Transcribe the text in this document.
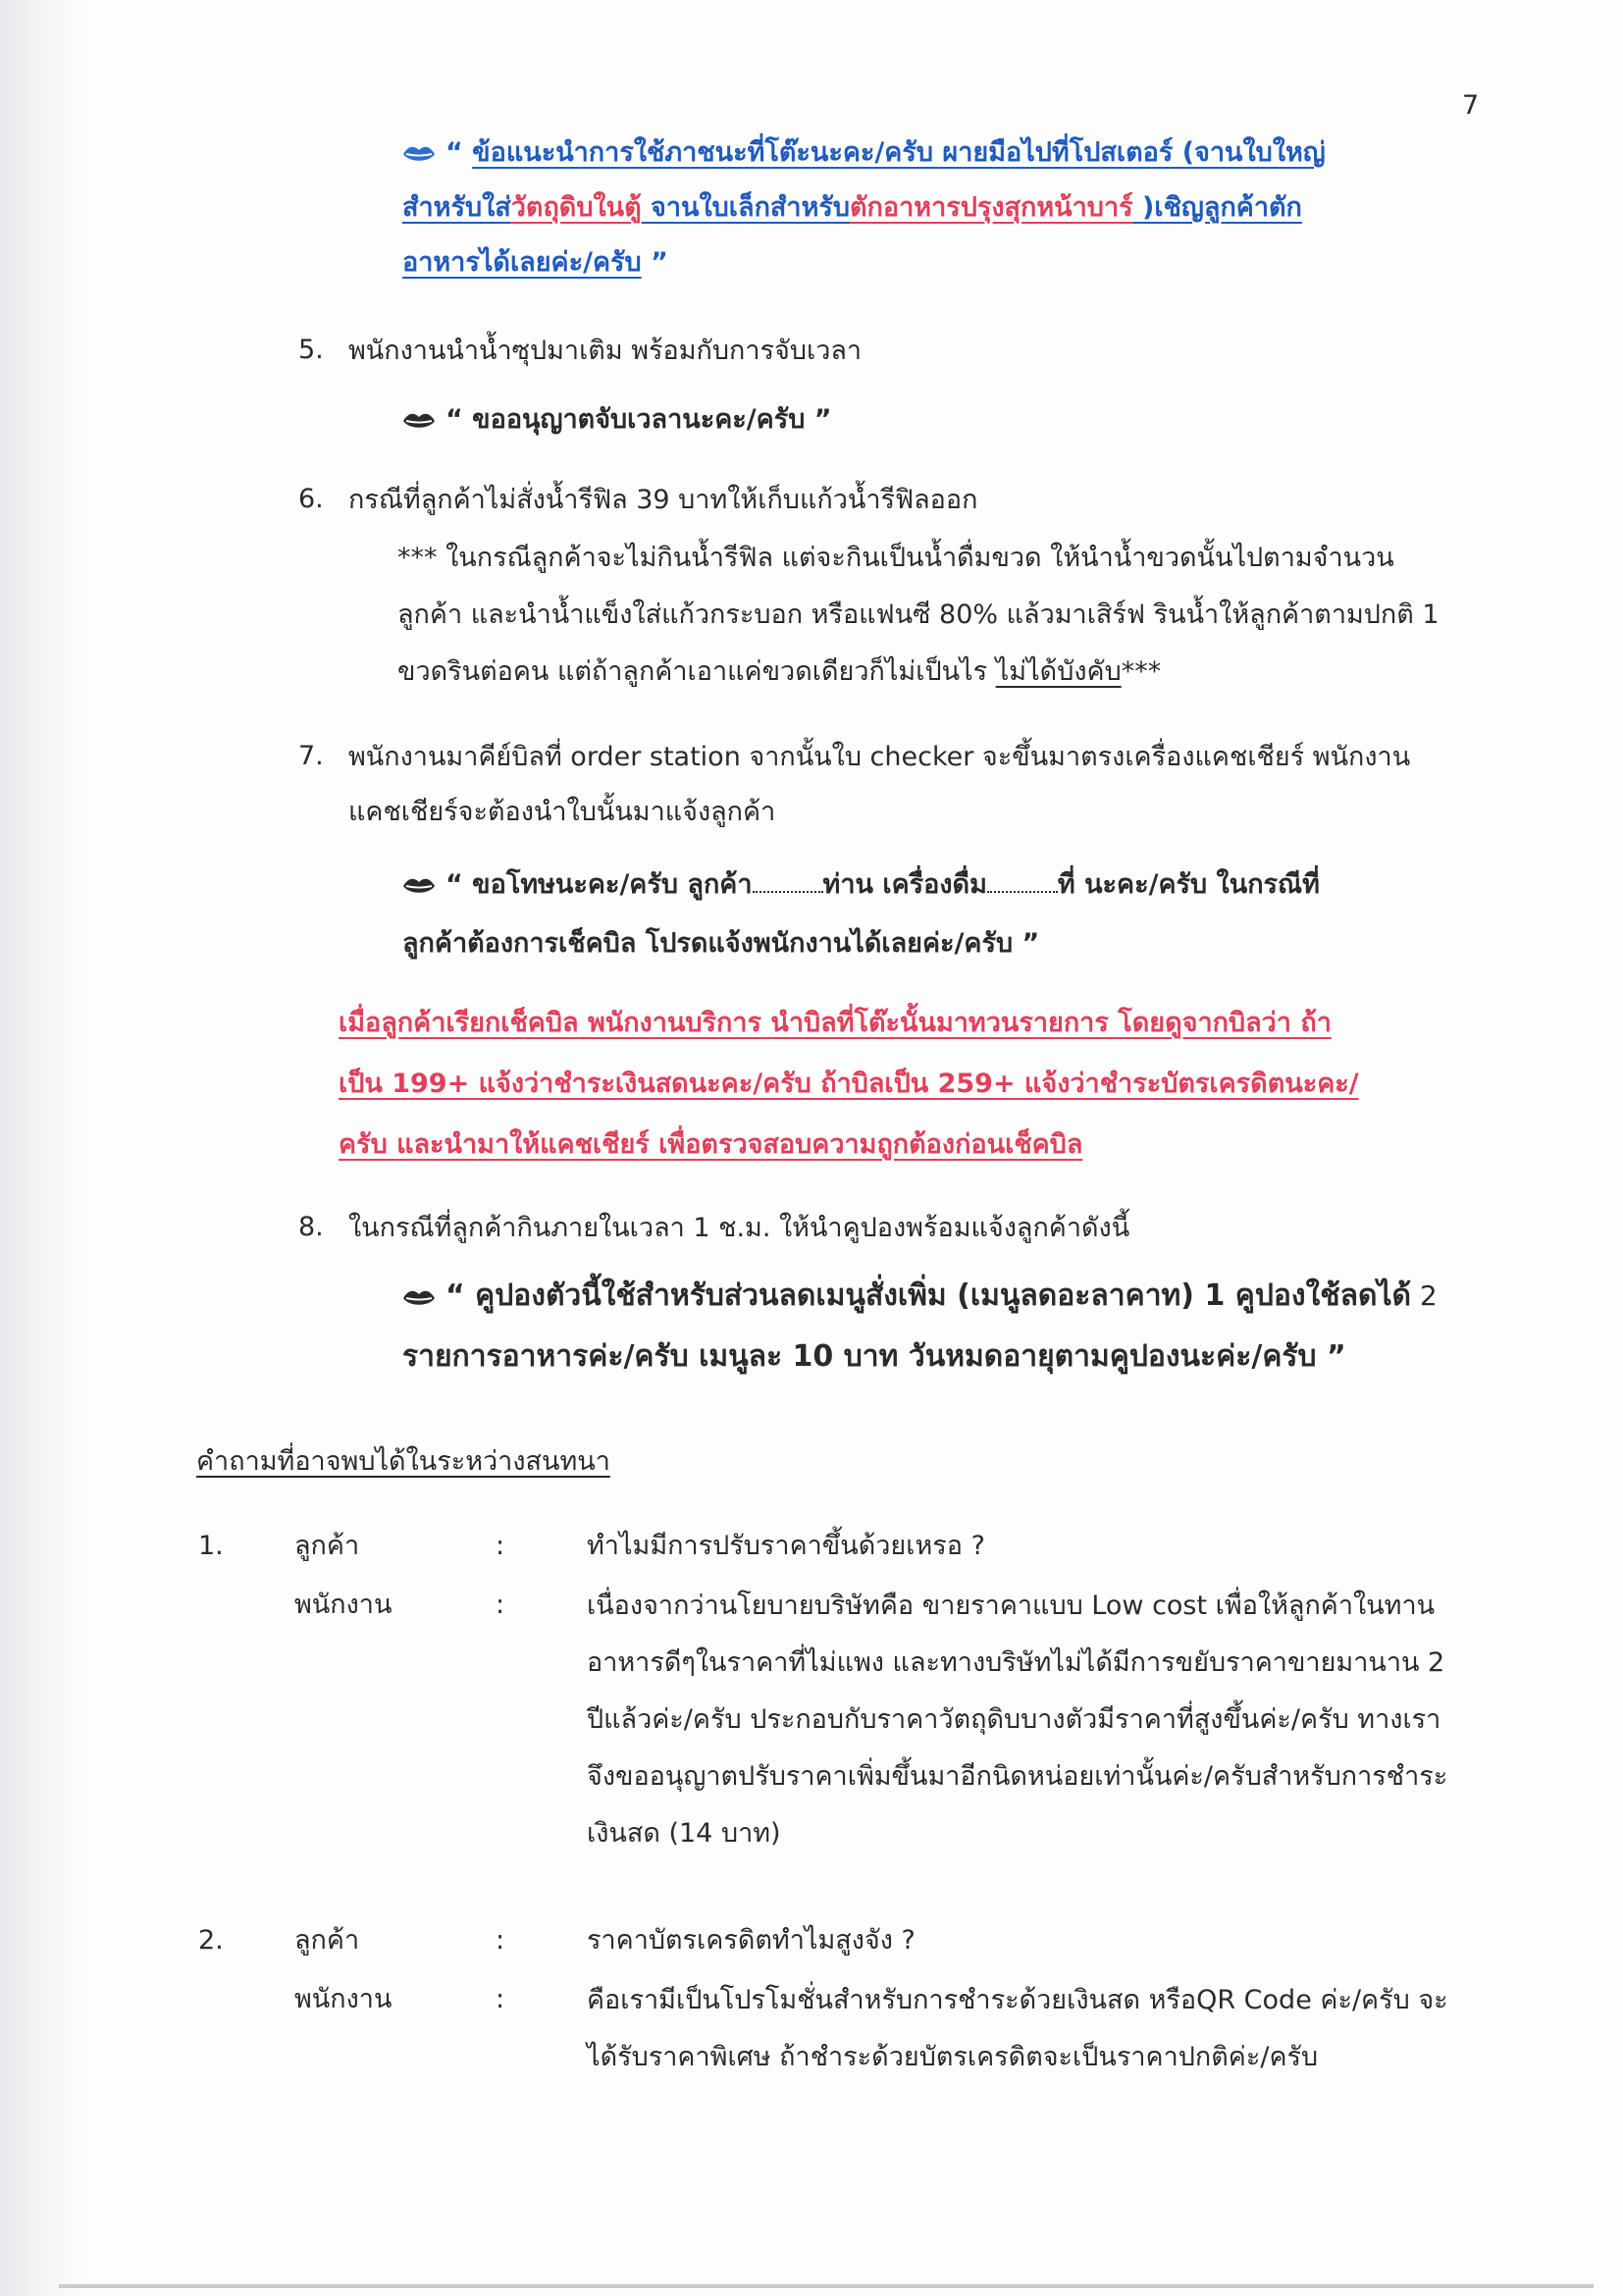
7
“ ข้อแนะนำการใช้ภาชนะที่โต๊ะนะคะ/ครับ ผายมือไปที่โปสเตอร์ (จานใบใหญ่
สำหรับใส่วัตถุดิบในตู้ จานใบเล็กสำหรับตักอาหารปรุงสุกหน้าบาร์ )เชิญลูกค้าตัก
อาหารได้เลยค่ะ/ครับ ”
5. พนักงานนำน้ำซุปมาเติม พร้อมกับการจับเวลา
“ ขออนุญาตจับเวลานะคะ/ครับ ”
6. กรณีที่ลูกค้าไม่สั่งน้ำรีฟิล 39 บาทให้เก็บแก้วน้ำรีฟิลออก
*** ในกรณีลูกค้าจะไม่กินน้ำรีฟิล แต่จะกินเป็นน้ำดื่มขวด ให้นำน้ำขวดนั้นไปตามจำนวน
ลูกค้า และนำน้ำแข็งใส่แก้วกระบอก หรือแฟนซี 80% แล้วมาเสิร์ฟ รินน้ำให้ลูกค้าตามปกติ 1
ขวดรินต่อคน แต่ถ้าลูกค้าเอาแค่ขวดเดียวก็ไม่เป็นไร ไม่ได้บังคับ***
7. พนักงานมาคีย์บิลที่ order station จากนั้นใบ checker จะขึ้นมาตรงเครื่องแคชเชียร์ พนักงาน
แคชเชียร์จะต้องนำใบนั้นมาแจ้งลูกค้า
“ ขอโทษนะคะ/ครับ ลูกค้า	ท่าน เครื่องดื่ม	ที่ นะคะ/ครับ ในกรณีที่
ลูกค้าต้องการเช็คบิล โปรดแจ้งพนักงานได้เลยค่ะ/ครับ ”
เมื่อลูกค้าเรียกเช็คบิล พนักงานบริการ นำบิลที่โต๊ะนั้นมาทวนรายการ โดยดูจากบิลว่า ถ้า
เป็น 199+ แจ้งว่าชำระเงินสดนะคะ/ครับ ถ้าบิลเป็น 259+ แจ้งว่าชำระบัตรเครดิตนะคะ/
ครับ และนำมาให้แคชเชียร์ เพื่อตรวจสอบความถูกต้องก่อนเช็คบิล
8. ในกรณีที่ลูกค้ากินภายในเวลา 1 ช.ม. ให้นำคูปองพร้อมแจ้งลูกค้าดังนี้
“ คูปองตัวนี้ใช้สำหรับส่วนลดเมนูสั่งเพิ่ม (เมนูลดอะลาคาท) 1 คูปองใช้ลดได้ 2
รายการอาหารค่ะ/ครับ เมนูละ 10 บาท วันหมดอายุตามคูปองนะค่ะ/ครับ ”
คำถามที่อาจพบได้ในระหว่างสนทนา
1.	ลูกค้า	:	ทำไมมีการปรับราคาขึ้นด้วยเหรอ ?
พนักงาน	:	เนื่องจากว่านโยบายบริษัทคือ ขายราคาแบบ Low cost เพื่อให้ลูกค้าในทาน
อาหารดีๆในราคาที่ไม่แพง และทางบริษัทไม่ได้มีการขยับราคาขายมานาน 2
ปีแล้วค่ะ/ครับ ประกอบกับราคาวัตถุดิบบางตัวมีราคาที่สูงขึ้นค่ะ/ครับ ทางเรา
จึงขออนุญาตปรับราคาเพิ่มขึ้นมาอีกนิดหน่อยเท่านั้นค่ะ/ครับสำหรับการชำระ
เงินสด (14 บาท)
2.	ลูกค้า	:	ราคาบัตรเครดิตทำไมสูงจัง ?
พนักงาน	:	คือเรามีเป็นโปรโมชั่นสำหรับการชำระด้วยเงินสด หรือQR Code ค่ะ/ครับ จะ
ได้รับราคาพิเศษ ถ้าชำระด้วยบัตรเครดิตจะเป็นราคาปกติค่ะ/ครับ
